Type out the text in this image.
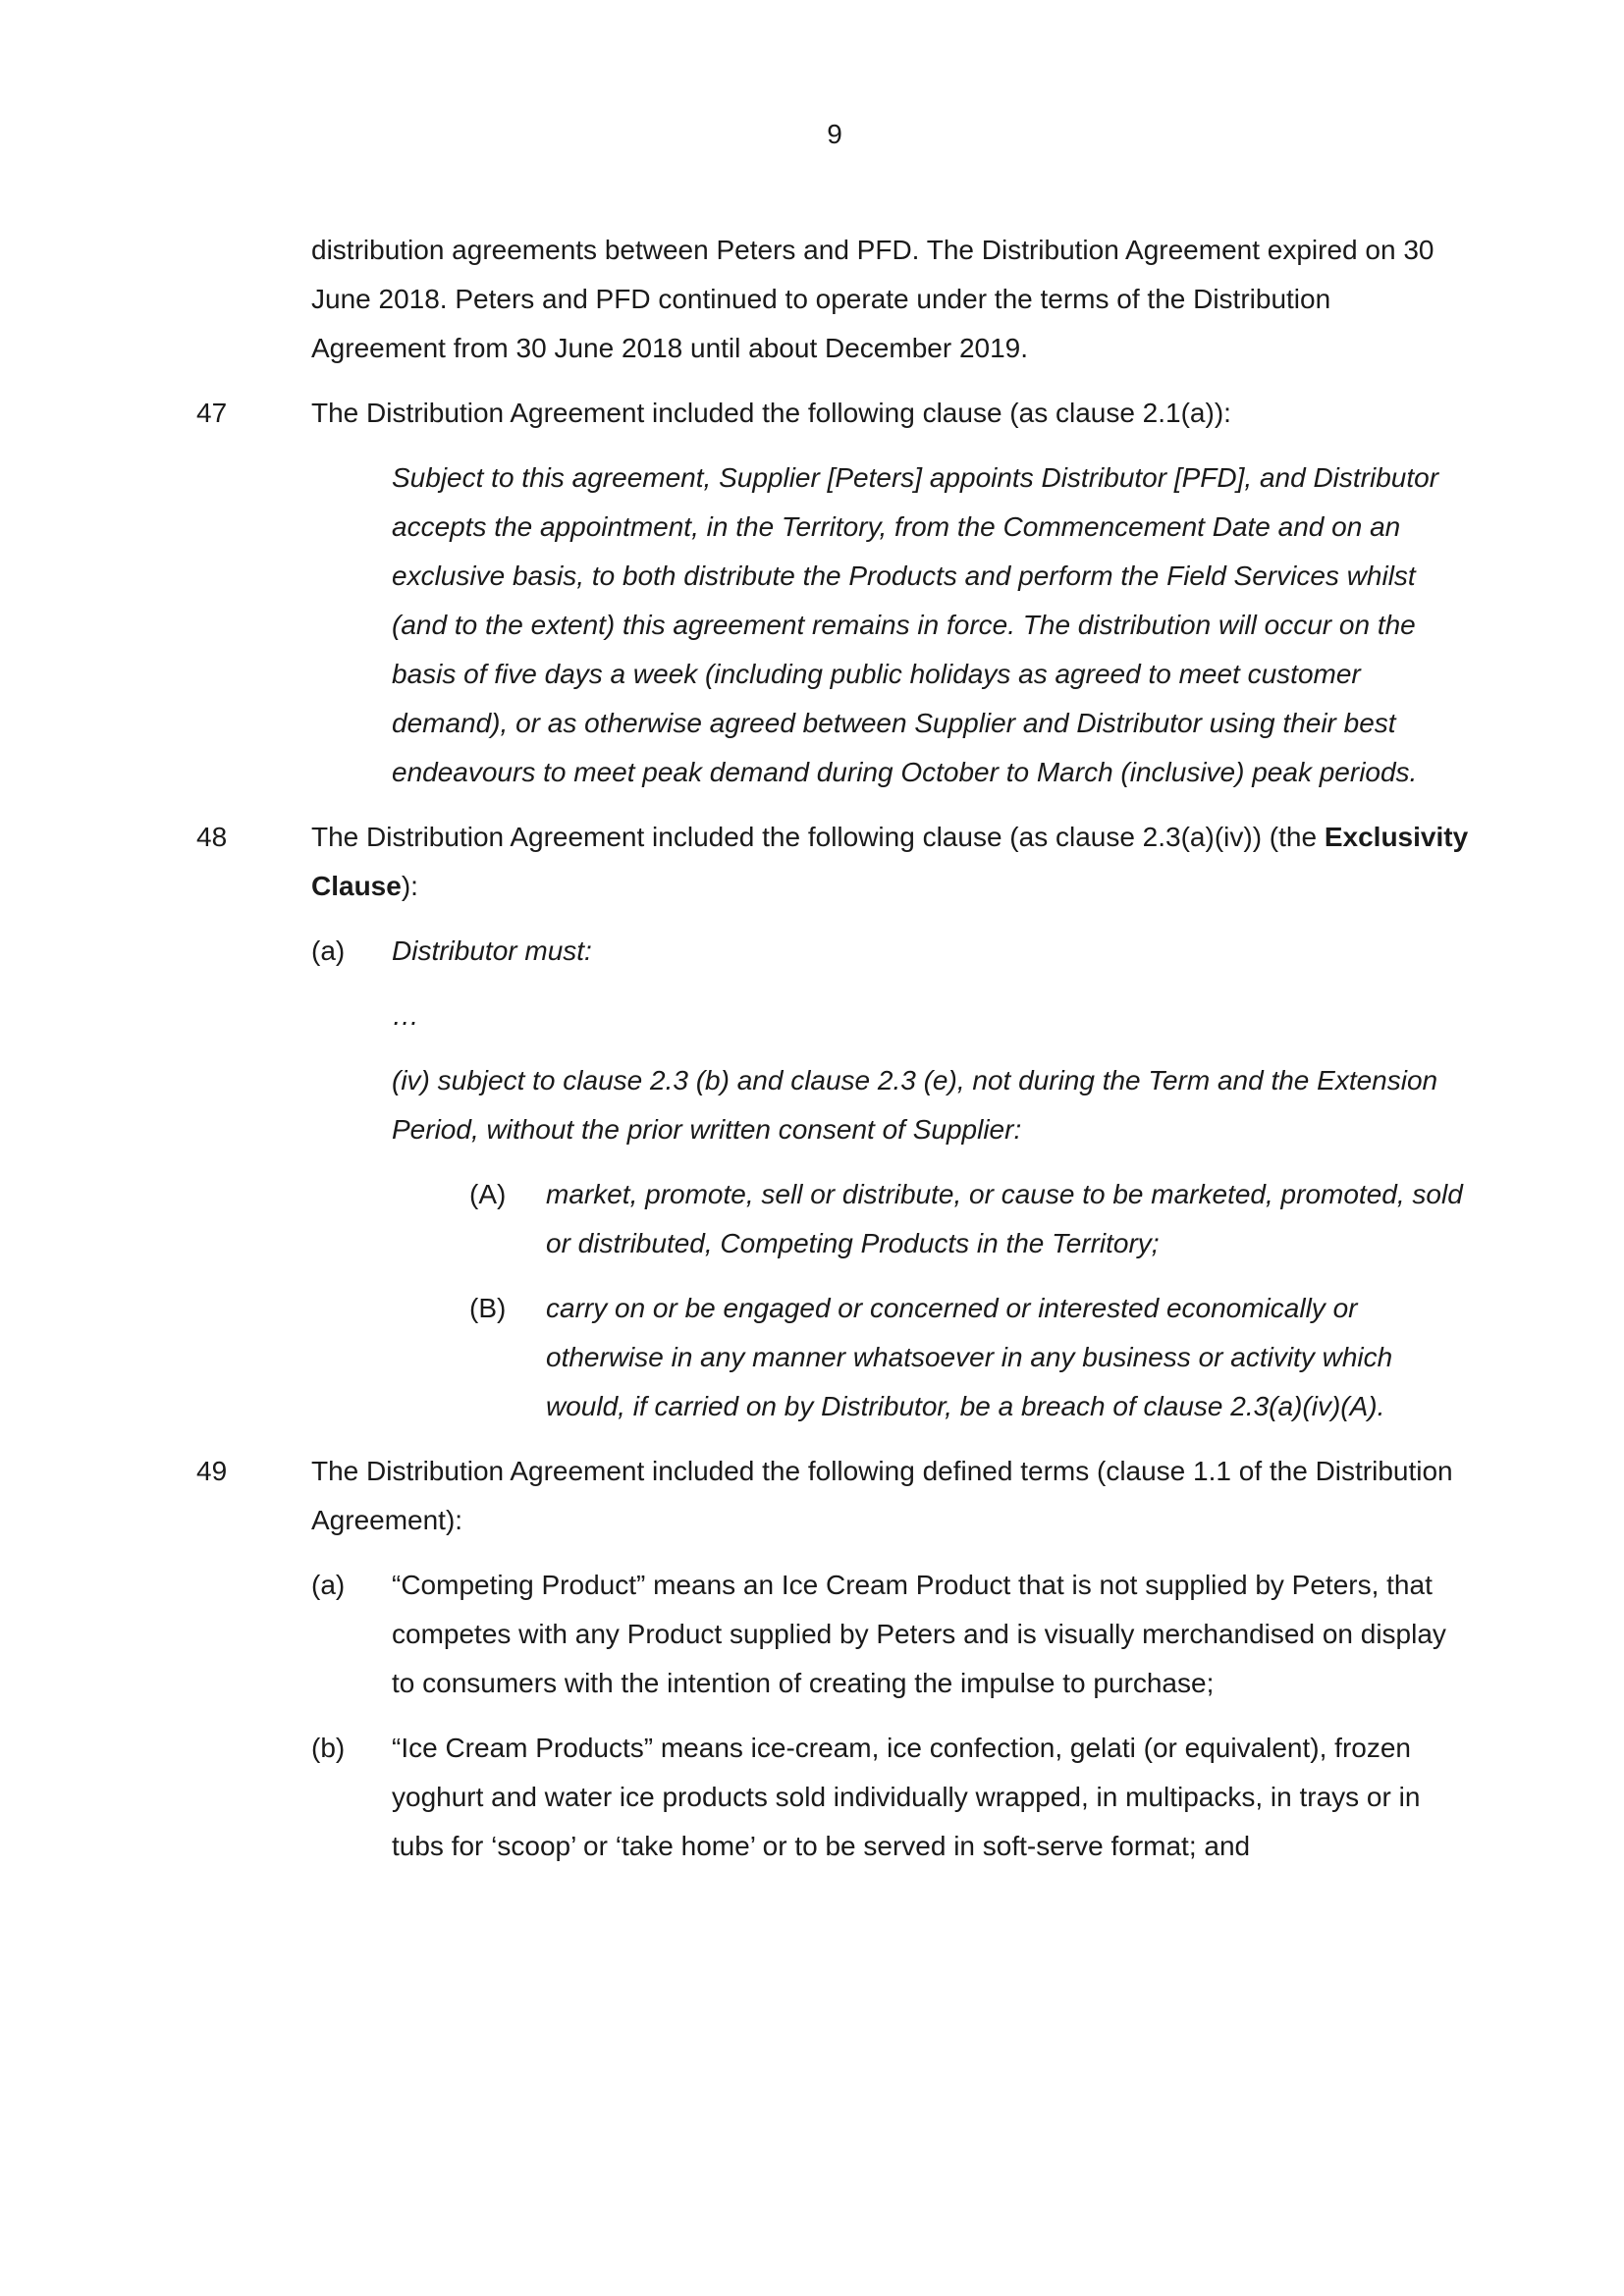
9
distribution agreements between Peters and PFD. The Distribution Agreement expired on 30 June 2018. Peters and PFD continued to operate under the terms of the Distribution Agreement from 30 June 2018 until about December 2019.
47	The Distribution Agreement included the following clause (as clause 2.1(a)):
Subject to this agreement, Supplier [Peters] appoints Distributor [PFD], and Distributor accepts the appointment, in the Territory, from the Commencement Date and on an exclusive basis, to both distribute the Products and perform the Field Services whilst (and to the extent) this agreement remains in force. The distribution will occur on the basis of five days a week (including public holidays as agreed to meet customer demand), or as otherwise agreed between Supplier and Distributor using their best endeavours to meet peak demand during October to March (inclusive) peak periods.
48	The Distribution Agreement included the following clause (as clause 2.3(a)(iv)) (the Exclusivity Clause):
(a) Distributor must:
…
(iv) subject to clause 2.3 (b) and clause 2.3 (e), not during the Term and the Extension Period, without the prior written consent of Supplier:
(A) market, promote, sell or distribute, or cause to be marketed, promoted, sold or distributed, Competing Products in the Territory;
(B) carry on or be engaged or concerned or interested economically or otherwise in any manner whatsoever in any business or activity which would, if carried on by Distributor, be a breach of clause 2.3(a)(iv)(A).
49	The Distribution Agreement included the following defined terms (clause 1.1 of the Distribution Agreement):
(a) “Competing Product” means an Ice Cream Product that is not supplied by Peters, that competes with any Product supplied by Peters and is visually merchandised on display to consumers with the intention of creating the impulse to purchase;
(b) “Ice Cream Products” means ice-cream, ice confection, gelati (or equivalent), frozen yoghurt and water ice products sold individually wrapped, in multipacks, in trays or in tubs for ‘scoop’ or ‘take home’ or to be served in soft-serve format; and
